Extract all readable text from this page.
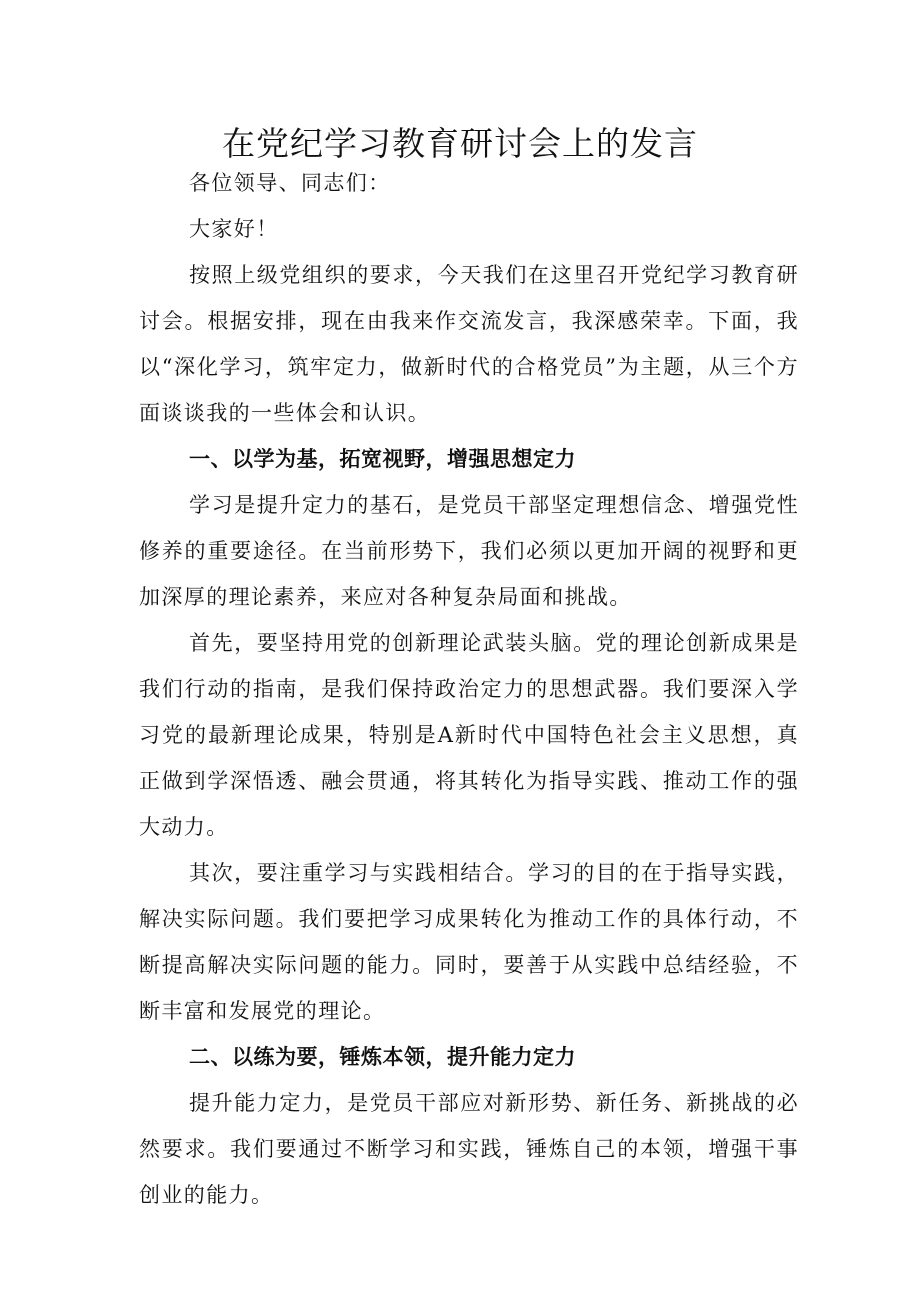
在党纪学习教育研讨会上的发言

各位领导、同志们：

大家好！

按照上级党组织的要求，今天我们在这里召开党纪学习教育研讨会。根据安排，现在由我来作交流发言，我深感荣幸。下面，我以“深化学习，筑牢定力，做新时代的合格党员”为主题，从三个方面谈谈我的一些体会和认识。

一、以学为基，拓宽视野，增强思想定力

学习是提升定力的基石，是党员干部坚定理想信念、增强党性修养的重要途径。在当前形势下，我们必须以更加开阔的视野和更加深厚的理论素养，来应对各种复杂局面和挑战。

首先，要坚持用党的创新理论武装头脑。党的理论创新成果是我们行动的指南，是我们保持政治定力的思想武器。我们要深入学习党的最新理论成果，特别是A新时代中国特色社会主义思想，真正做到学深悟透、融会贯通，将其转化为指导实践、推动工作的强大动力。

其次，要注重学习与实践相结合。学习的目的在于指导实践，解决实际问题。我们要把学习成果转化为推动工作的具体行动，不断提高解决实际问题的能力。同时，要善于从实践中总结经验，不断丰富和发展党的理论。

二、以练为要，锤炼本领，提升能力定力

提升能力定力，是党员干部应对新形势、新任务、新挑战的必然要求。我们要通过不断学习和实践，锤炼自己的本领，增强干事创业的能力。
